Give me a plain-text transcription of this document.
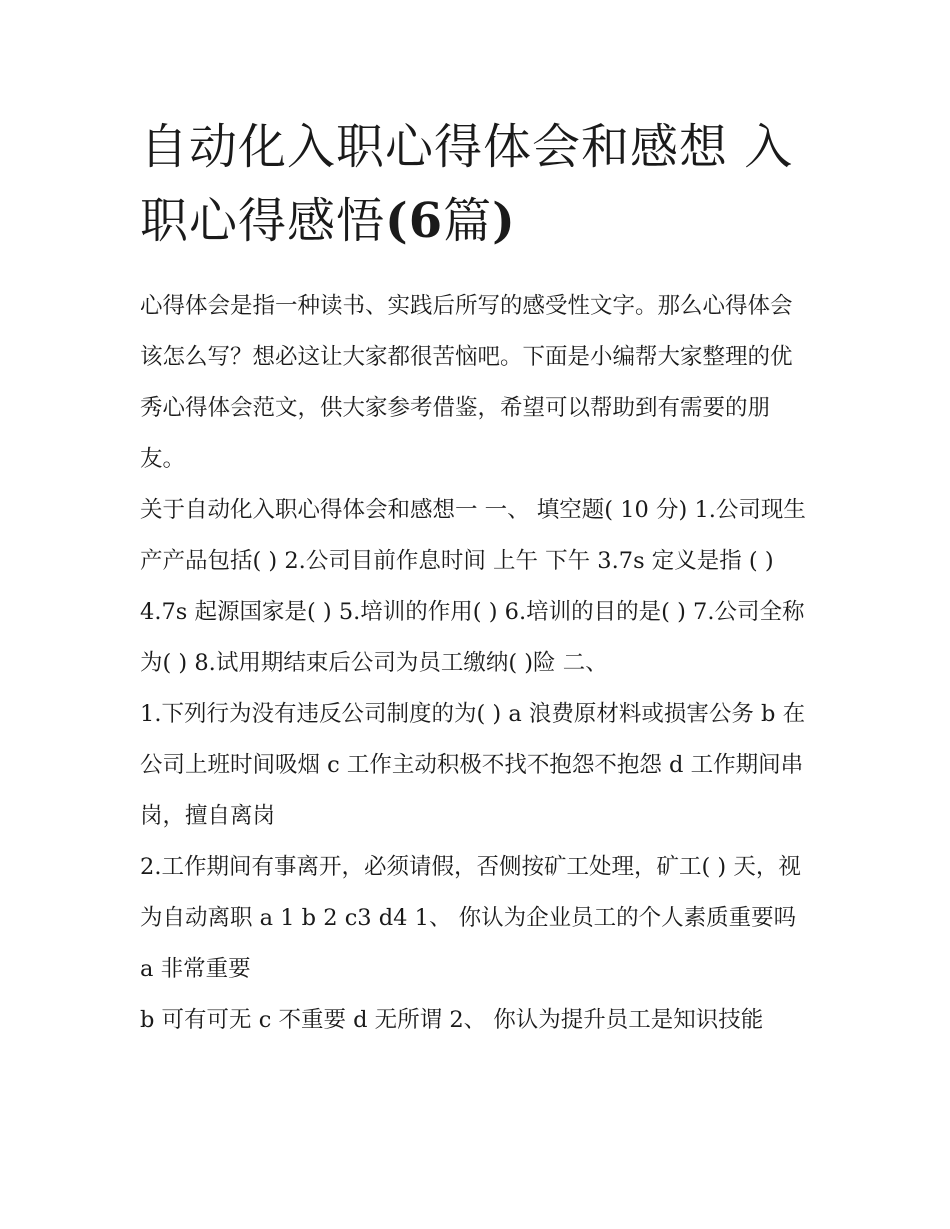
自动化入职心得体会和感想 入
职心得感悟(6篇)

心得体会是指一种读书、实践后所写的感受性文字。那么心得体会该怎么写？想必这让大家都很苦恼吧。下面是小编帮大家整理的优秀心得体会范文，供大家参考借鉴，希望可以帮助到有需要的朋友。

关于自动化入职心得体会和感想一 一、 填空题( 10 分) 1.公司现生产产品包括( ) 2.公司目前作息时间 上午 下午 3.7s 定义是指 ( )

4.7s 起源国家是( ) 5.培训的作用( ) 6.培训的目的是( ) 7.公司全称为( ) 8.试用期结束后公司为员工缴纳( )险 二、

1.下列行为没有违反公司制度的为( ) a 浪费原材料或损害公务 b 在公司上班时间吸烟 c 工作主动积极不找不抱怨不抱怨 d 工作期间串岗，擅自离岗

2.工作期间有事离开，必须请假，否侧按矿工处理，矿工( ) 天，视为自动离职 a 1 b 2 c3 d4 1、 你认为企业员工的个人素质重要吗 a 非常重要

b 可有可无 c 不重要 d 无所谓 2、 你认为提升员工是知识技能
